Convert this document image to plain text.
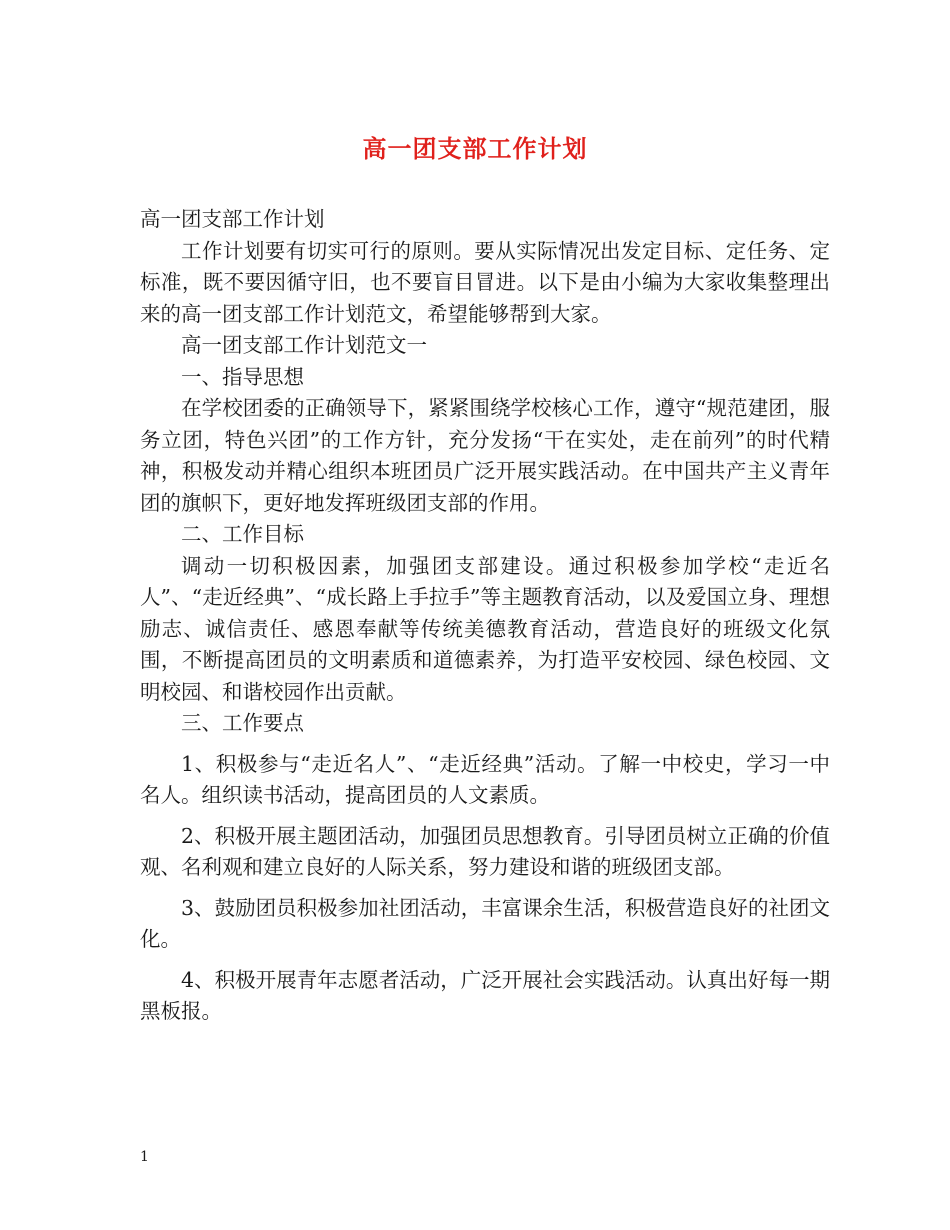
高一团支部工作计划

高一团支部工作计划

工作计划要有切实可行的原则。要从实际情况出发定目标、定任务、定标准，既不要因循守旧，也不要盲目冒进。以下是由小编为大家收集整理出来的高一团支部工作计划范文，希望能够帮到大家。

高一团支部工作计划范文一

一、指导思想

在学校团委的正确领导下，紧紧围绕学校核心工作，遵守“规范建团，服务立团，特色兴团”的工作方针，充分发扬“干在实处，走在前列”的时代精神，积极发动并精心组织本班团员广泛开展实践活动。在中国共产主义青年团的旗帜下，更好地发挥班级团支部的作用。

二、工作目标

调动一切积极因素，加强团支部建设。通过积极参加学校“走近名人”、“走近经典”、“成长路上手拉手”等主题教育活动，以及爱国立身、理想励志、诚信责任、感恩奉献等传统美德教育活动，营造良好的班级文化氛围，不断提高团员的文明素质和道德素养，为打造平安校园、绿色校园、文明校园、和谐校园作出贡献。

三、工作要点

1、积极参与“走近名人”、“走近经典”活动。了解一中校史，学习一中名人。组织读书活动，提高团员的人文素质。

2、积极开展主题团活动，加强团员思想教育。引导团员树立正确的价值观、名利观和建立良好的人际关系，努力建设和谐的班级团支部。

3、鼓励团员积极参加社团活动，丰富课余生活，积极营造良好的社团文化。

4、积极开展青年志愿者活动，广泛开展社会实践活动。认真出好每一期黑板报。

1
